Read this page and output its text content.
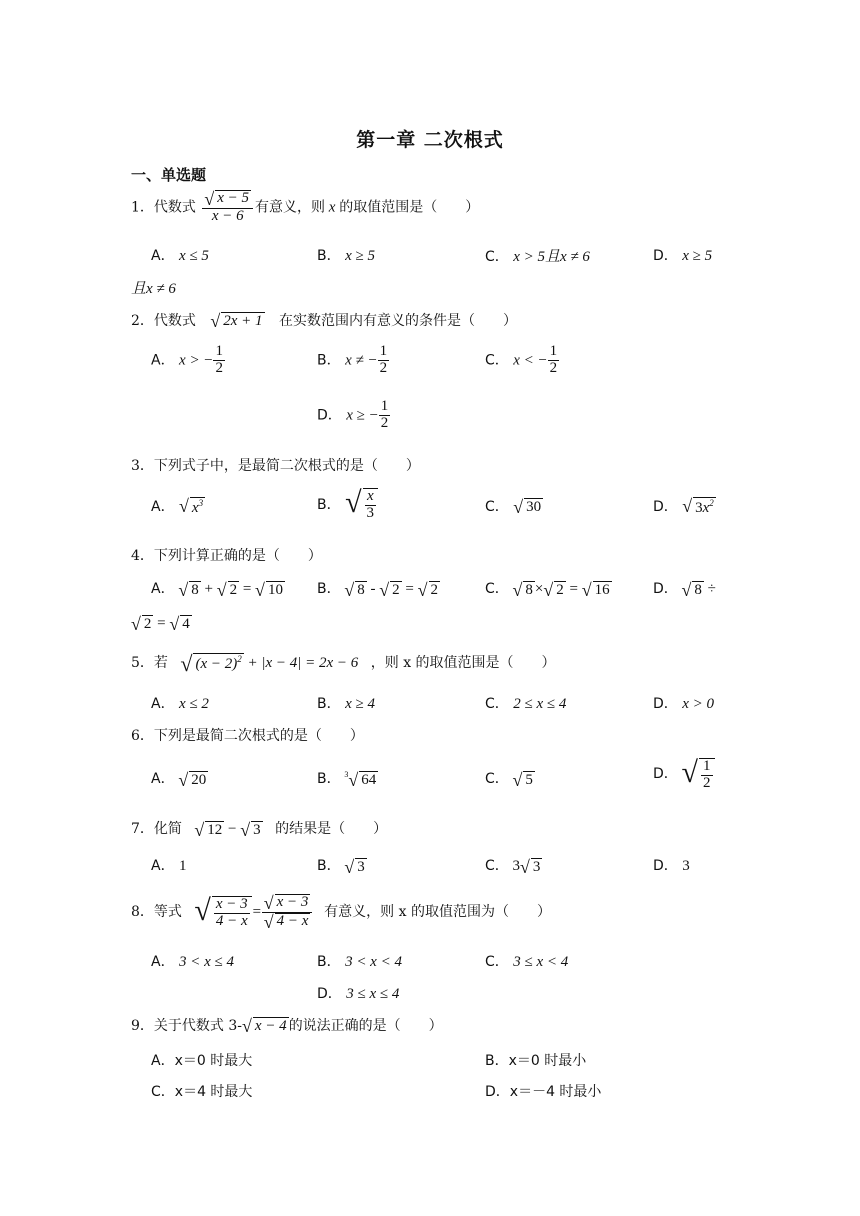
第一章 二次根式
一、单选题
1．代数式 $\frac{√ x - 5}{x - 6}$ 有意义，则 x 的取值范围是（　　）
A． x ≤ 5	B． x ≥ 5	C． x > 5且x ≠ 6	D． x ≥ 5
且x ≠ 6
2．代数式 √ 2x + 1 在实数范围内有意义的条件是（　　）
A． x > − $\frac{1}{2}$	B． x ≠ − $\frac{1}{2}$	C． x < − $\frac{1}{2}$
D． x ≥ − $\frac{1}{2}$
3．下列式子中，是最简二次根式的是（　　）
A． √ $x^3$	B． √ $\frac{x}{3}$	C． √ 30	D． √ $3x^2$
4．下列计算正确的是（　　）
A． √ 8 + √ 2 = √ 10 B． √ 8 - √ 2 = √ 2	C． √ 8 × √ 2 = √ 16	D． √ 8 ÷
√ 2 = √ 4
5．若 √ $(x - 2)^2 + |x - 4| = 2x - 6$ ，则 x 的取值范围是（　　）
A． x ≤ 2	B． x ≥ 4	C． 2 ≤ x ≤ 4	D． x > 0
6．下列是最简二次根式的是（　　）
A． √ 20	B． $^3$ √ 64	C． √ 5	D． √ $\frac{1}{2}$
7．化简 √ 12 − √ 3 的结果是（　　）
A． 1	B． √ 3	C． 3 √ 3	D． 3
8．等式 √ $\frac{x - 3}{4 - x} = \frac{√ x - 3}{√ 4 - x}$ 有意义，则 x 的取值范围为（　　）
A． 3 < x ≤ 4	B． 3 < x < 4	C． 3 ≤ x < 4
D． 3 ≤ x ≤ 4
9．关于代数式 3- √ x − 4 的说法正确的是（　　）
A．x＝0 时最大	B．x＝0 时最小
C．x＝4 时最大	D．x＝－4 时最小
